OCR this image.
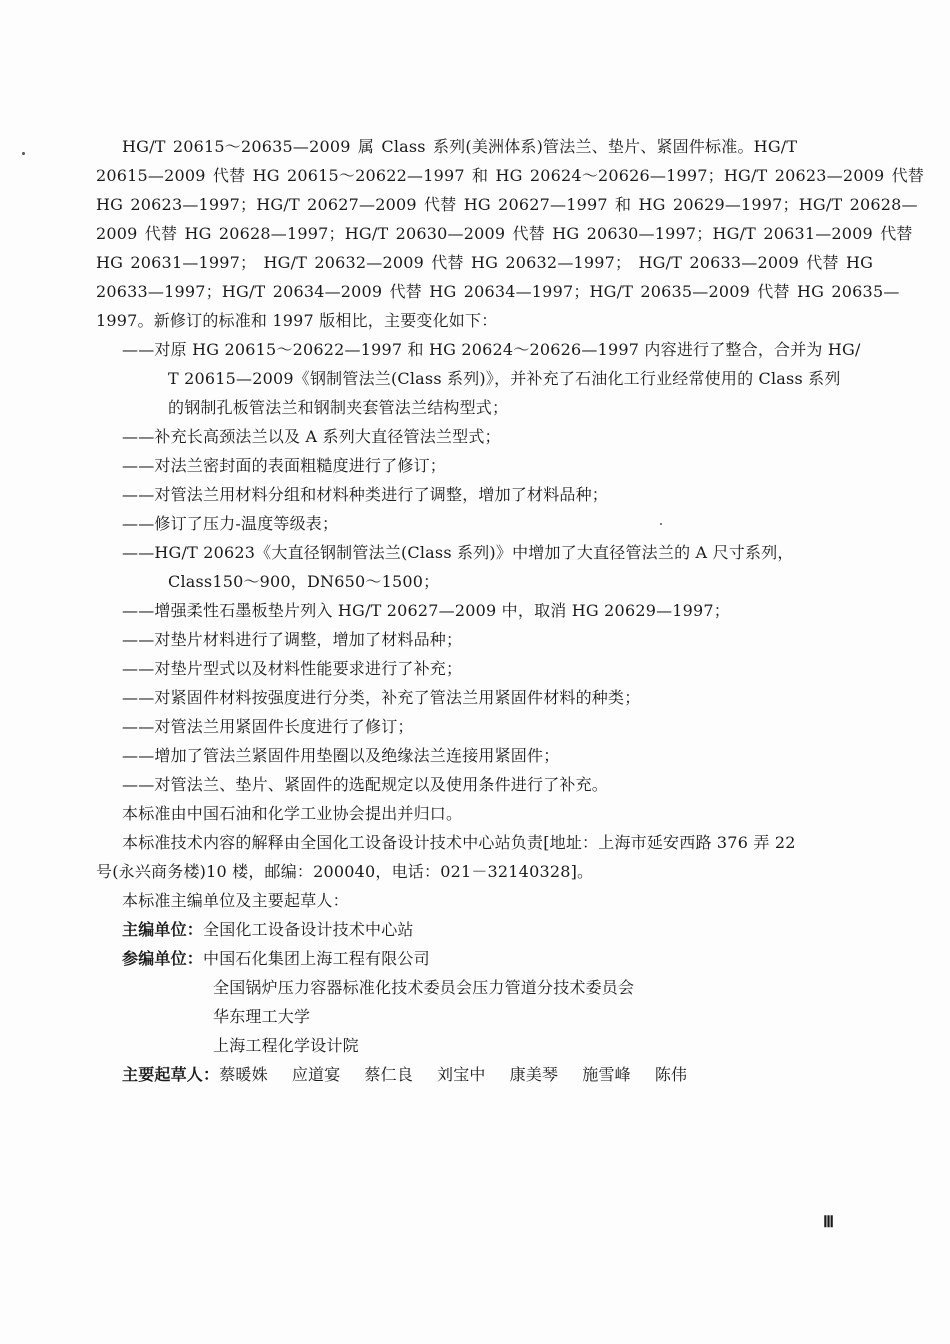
HG/T 20615～20635—2009 属 Class 系列(美洲体系)管法兰、垫片、紧固件标准。HG/T
20615—2009 代替 HG 20615～20622—1997 和 HG 20624～20626—1997；HG/T 20623—2009 代替
HG 20623—1997；HG/T 20627—2009 代替 HG 20627—1997 和 HG 20629—1997；HG/T 20628—
2009 代替 HG 20628—1997；HG/T 20630—2009 代替 HG 20630—1997；HG/T 20631—2009 代替
HG 20631—1997； HG/T 20632—2009 代替 HG 20632—1997； HG/T 20633—2009 代替 HG
20633—1997；HG/T 20634—2009 代替 HG 20634—1997；HG/T 20635—2009 代替 HG 20635—
1997。新修订的标准和 1997 版相比，主要变化如下：
——对原 HG 20615～20622—1997 和 HG 20624～20626—1997 内容进行了整合，合并为 HG/
T 20615—2009《钢制管法兰(Class 系列)》，并补充了石油化工行业经常使用的 Class 系列
的钢制孔板管法兰和钢制夹套管法兰结构型式；
——补充长高颈法兰以及 A 系列大直径管法兰型式；
——对法兰密封面的表面粗糙度进行了修订；
——对管法兰用材料分组和材料种类进行了调整，增加了材料品种；
——修订了压力-温度等级表；
——HG/T 20623《大直径钢制管法兰(Class 系列)》中增加了大直径管法兰的 A 尺寸系列，
Class150～900，DN650～1500；
——增强柔性石墨板垫片列入 HG/T 20627—2009 中，取消 HG 20629—1997；
——对垫片材料进行了调整，增加了材料品种；
——对垫片型式以及材料性能要求进行了补充；
——对紧固件材料按强度进行分类，补充了管法兰用紧固件材料的种类；
——对管法兰用紧固件长度进行了修订；
——增加了管法兰紧固件用垫圈以及绝缘法兰连接用紧固件；
——对管法兰、垫片、紧固件的选配规定以及使用条件进行了补充。
本标准由中国石油和化学工业协会提出并归口。
本标准技术内容的解释由全国化工设备设计技术中心站负责[地址：上海市延安西路 376 弄 22
号(永兴商务楼)10 楼，邮编：200040，电话：021－32140328]。
本标准主编单位及主要起草人：
主编单位：全国化工设备设计技术中心站
参编单位：中国石化集团上海工程有限公司
全国锅炉压力容器标准化技术委员会压力管道分技术委员会
华东理工大学
上海工程化学设计院
主要起草人：蔡暖姝 应道宴 蔡仁良 刘宝中 康美琴 施雪峰 陈伟
Ⅲ
